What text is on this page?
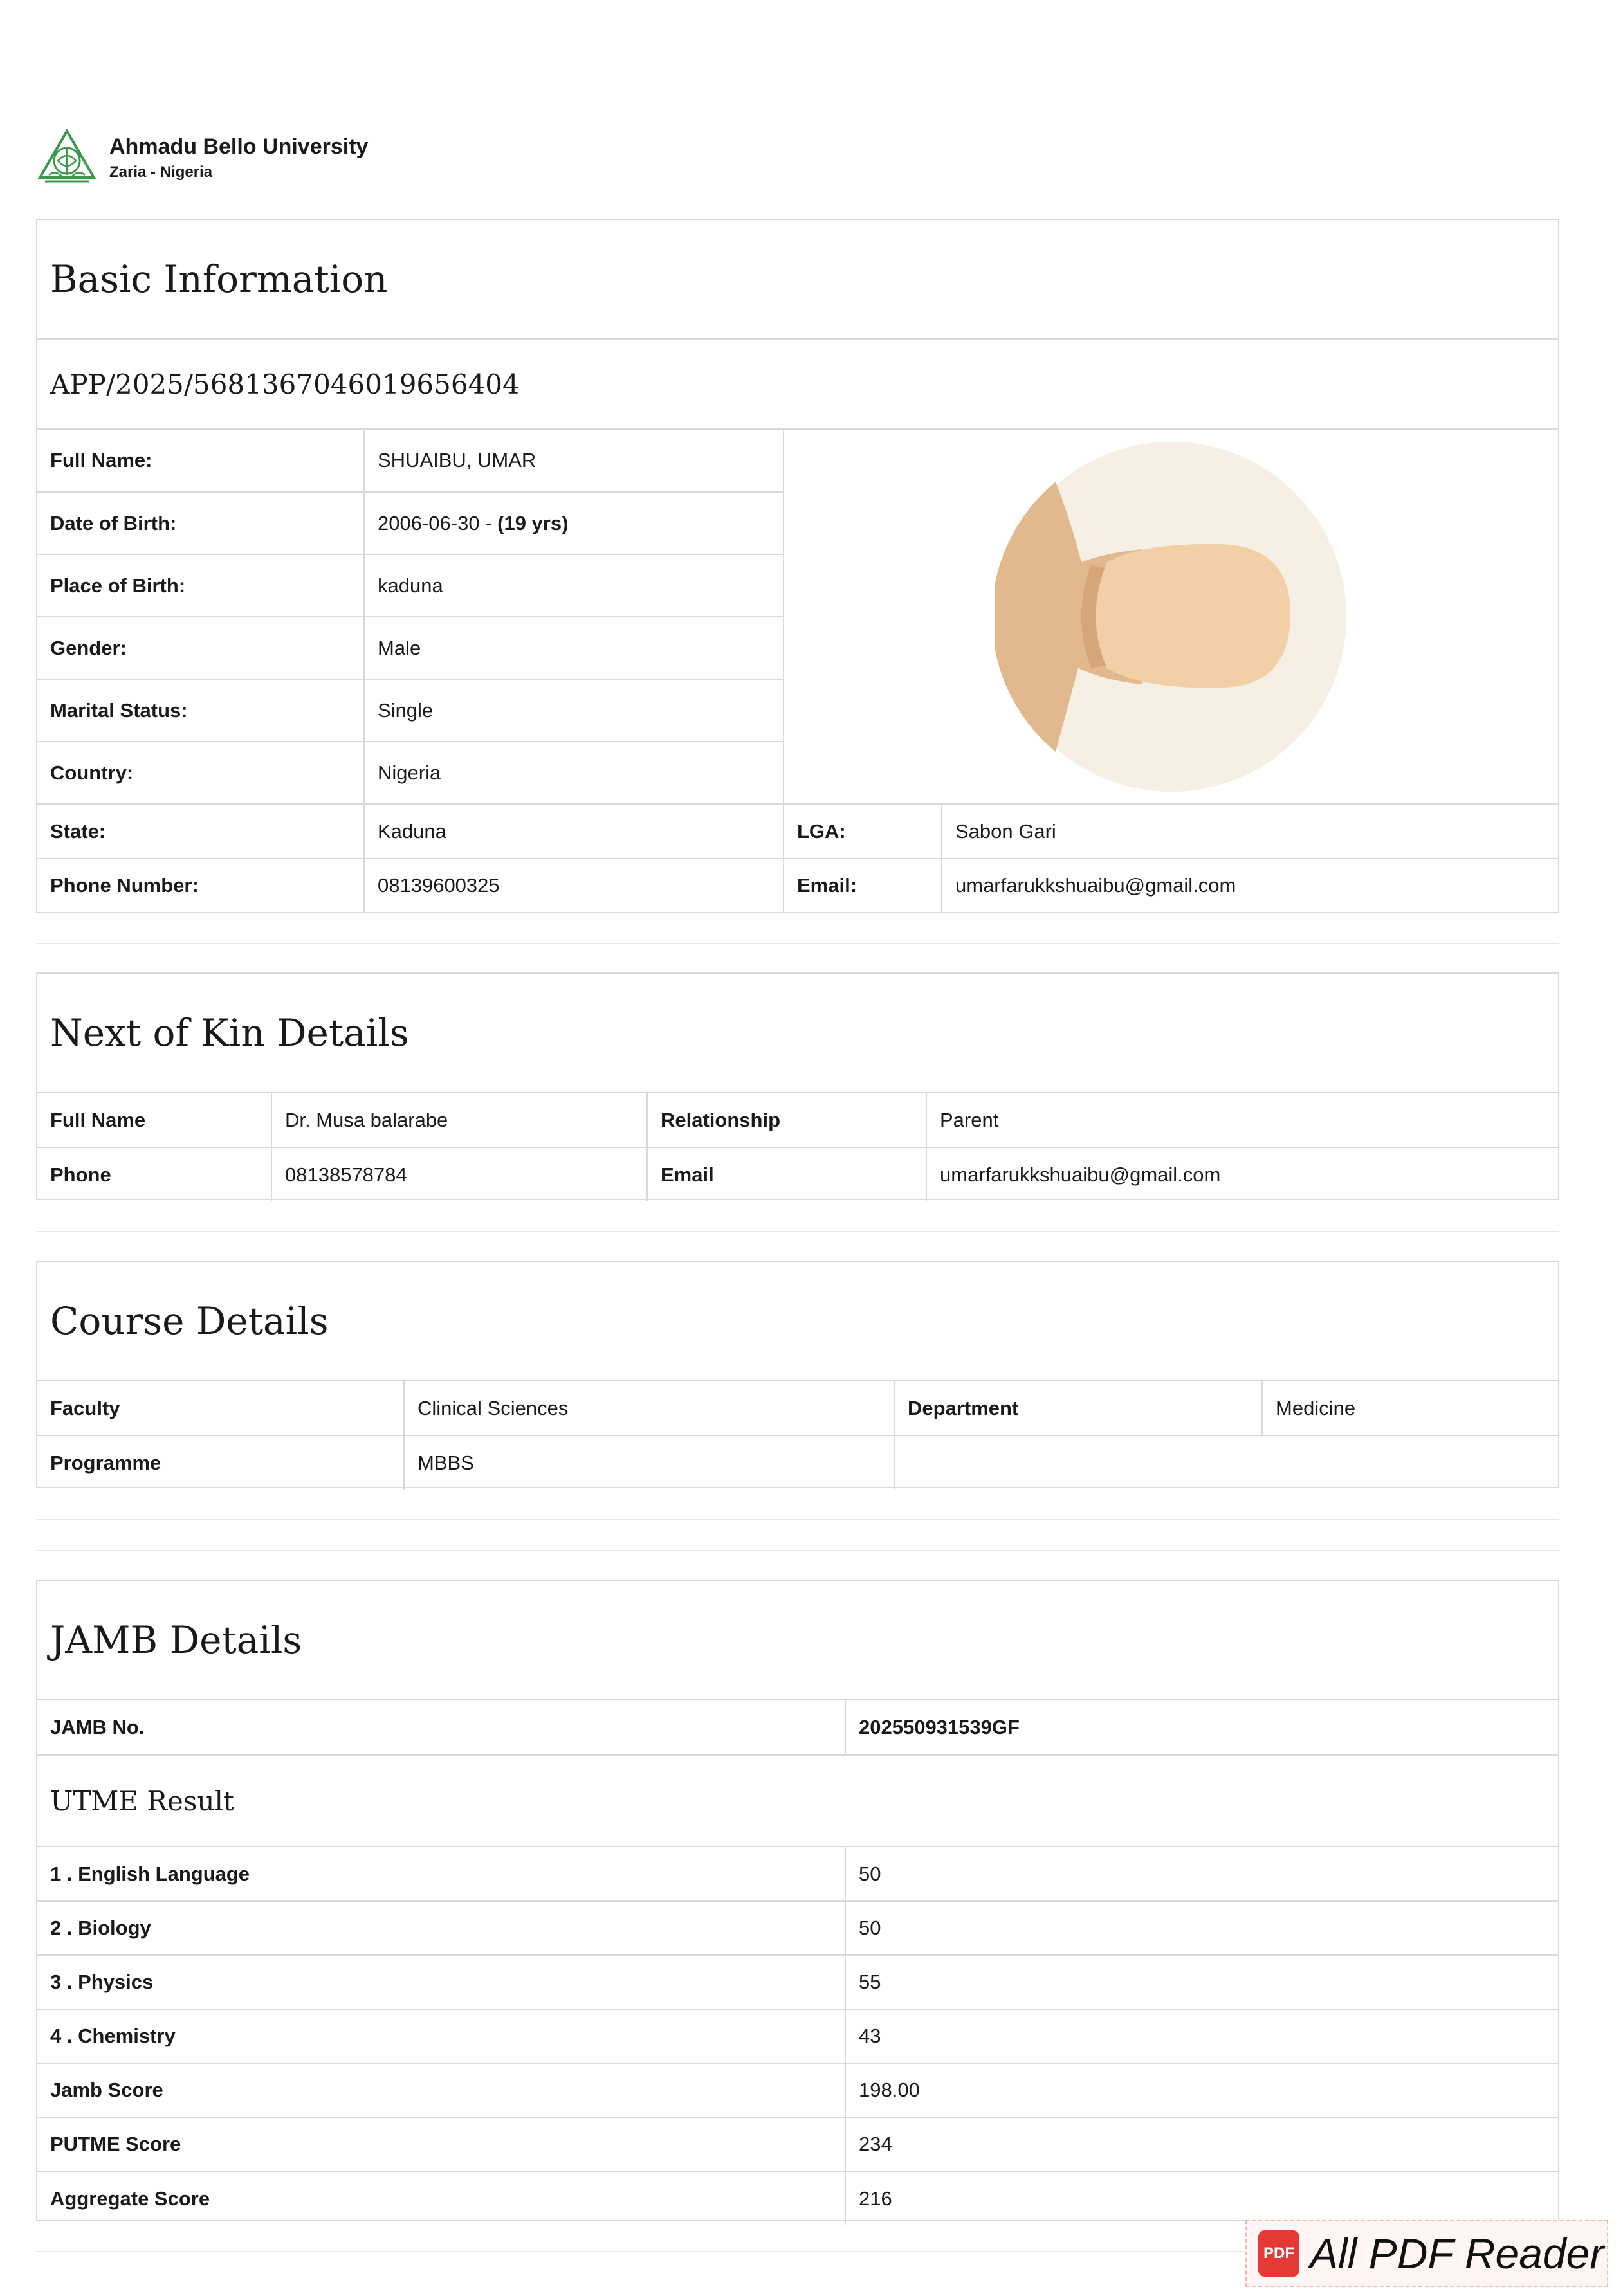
Ahmadu Bello University
Zaria - Nigeria
Basic Information
APP/2025/5681367046019656404
Full Name:	SHUAIBU, UMAR	

Date of Birth:	2006-06-30 - (19 yrs)		
Place of Birth:	kaduna		
Gender:	Male		
Marital Status:	Single		
Country:	Nigeria		
State:	Kaduna	LGA:	Sabon Gari
Phone Number:	08139600325	Email:	umarfarukkshuaibu@gmail.com
Next of Kin Details
Full Name	Dr. Musa balarabe	Relationship	Parent
Phone	08138578784	Email	umarfarukkshuaibu@gmail.com
Course Details
Faculty	Clinical Sciences	Department	Medicine
Programme	MBBS		
JAMB Details
JAMB No.	202550931539GF
UTME Result
1 . English Language	50
2 . Biology	50
3 . Physics	55
4 . Chemistry	43
Jamb Score	198.00
PUTME Score	234
Aggregate Score	216
PDF All PDF Reader
